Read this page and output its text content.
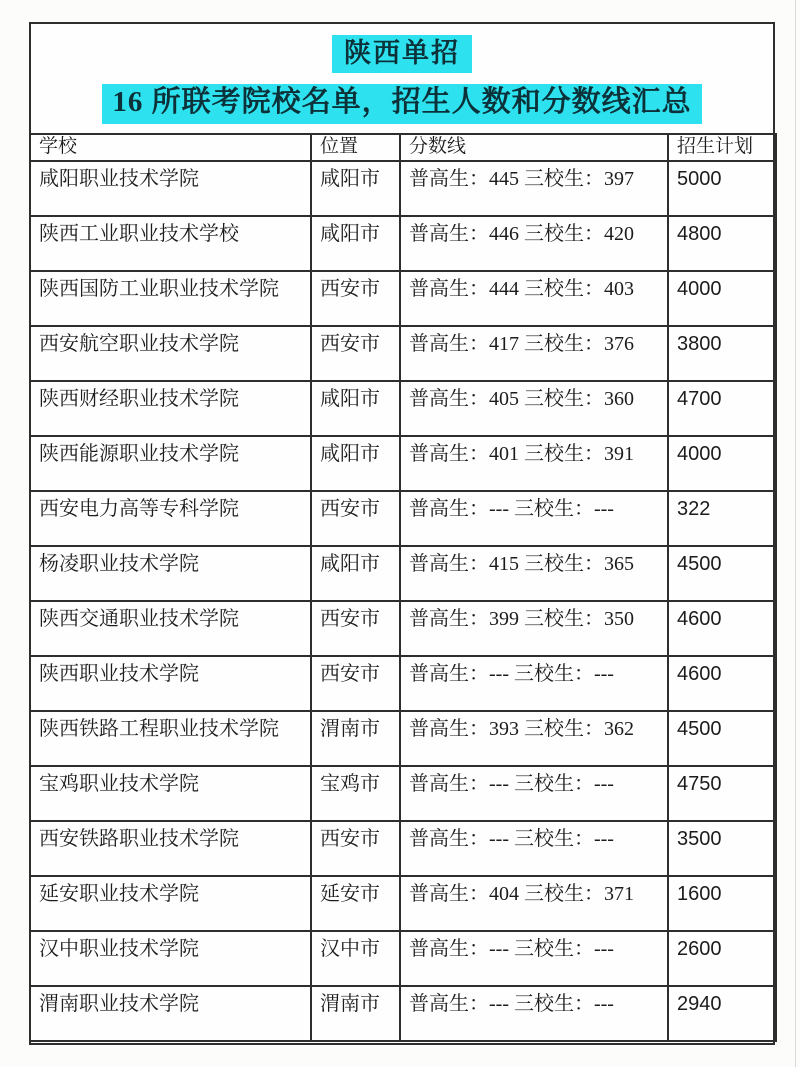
陕西单招
16 所联考院校名单，招生人数和分数线汇总
学校	位置	分数线	招生计划
咸阳职业技术学院	咸阳市	普高生：445 三校生：397	5000
陕西工业职业技术学校	咸阳市	普高生：446 三校生：420	4800
陕西国防工业职业技术学院	西安市	普高生：444 三校生：403	4000
西安航空职业技术学院	西安市	普高生：417 三校生：376	3800
陕西财经职业技术学院	咸阳市	普高生：405 三校生：360	4700
陕西能源职业技术学院	咸阳市	普高生：401 三校生：391	4000
西安电力高等专科学院	西安市	普高生：--- 三校生：---	322
杨凌职业技术学院	咸阳市	普高生：415 三校生：365	4500
陕西交通职业技术学院	西安市	普高生：399 三校生：350	4600
陕西职业技术学院	西安市	普高生：--- 三校生：---	4600
陕西铁路工程职业技术学院	渭南市	普高生：393 三校生：362	4500
宝鸡职业技术学院	宝鸡市	普高生：--- 三校生：---	4750
西安铁路职业技术学院	西安市	普高生：--- 三校生：---	3500
延安职业技术学院	延安市	普高生：404 三校生：371	1600
汉中职业技术学院	汉中市	普高生：--- 三校生：---	2600
渭南职业技术学院	渭南市	普高生：--- 三校生：---	2940
